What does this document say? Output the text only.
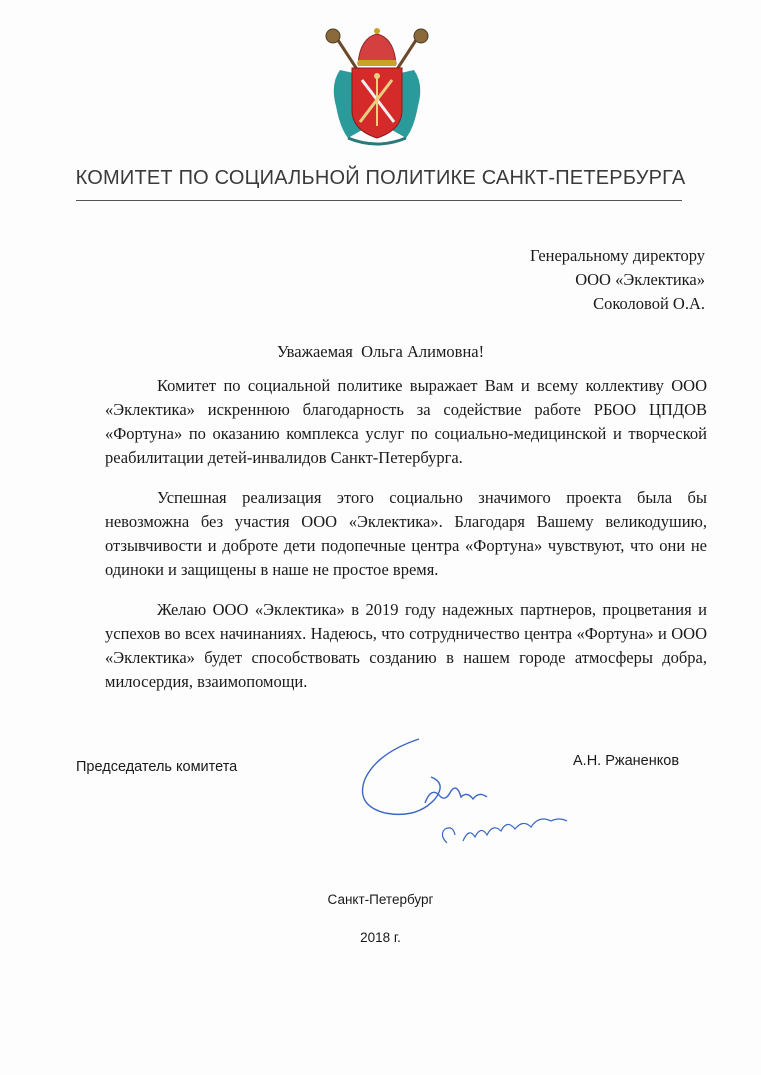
КОМИТЕТ ПО СОЦИАЛЬНОЙ ПОЛИТИКЕ САНКТ-ПЕТЕРБУРГА
Генеральному директору
ООО «Эклектика»
Соколовой О.А.
Уважаемая  Ольга Алимовна!

Комитет по социальной политике выражает Вам и всему коллективу ООО «Эклектика» искреннюю благодарность за содействие работе РБОО ЦПДОВ «Фортуна» по оказанию комплекса услуг по социально-медицинской и творческой реабилитации детей-инвалидов Санкт-Петербурга.

Успешная реализация этого социально значимого проекта была бы невозможна без участия ООО «Эклектика». Благодаря Вашему великодушию, отзывчивости и доброте дети подопечные центра «Фортуна» чувствуют, что они не одиноки и защищены в наше не простое время.

Желаю ООО «Эклектика» в 2019 году надежных партнеров, процветания и успехов во всех начинаниях. Надеюсь, что сотрудничество центра «Фортуна» и ООО «Эклектика» будет способствовать созданию в нашем городе атмосферы добра, милосердия, взаимопомощи.

Председатель комитета	А.Н. Ржаненков
Санкт-Петербург
2018 г.
